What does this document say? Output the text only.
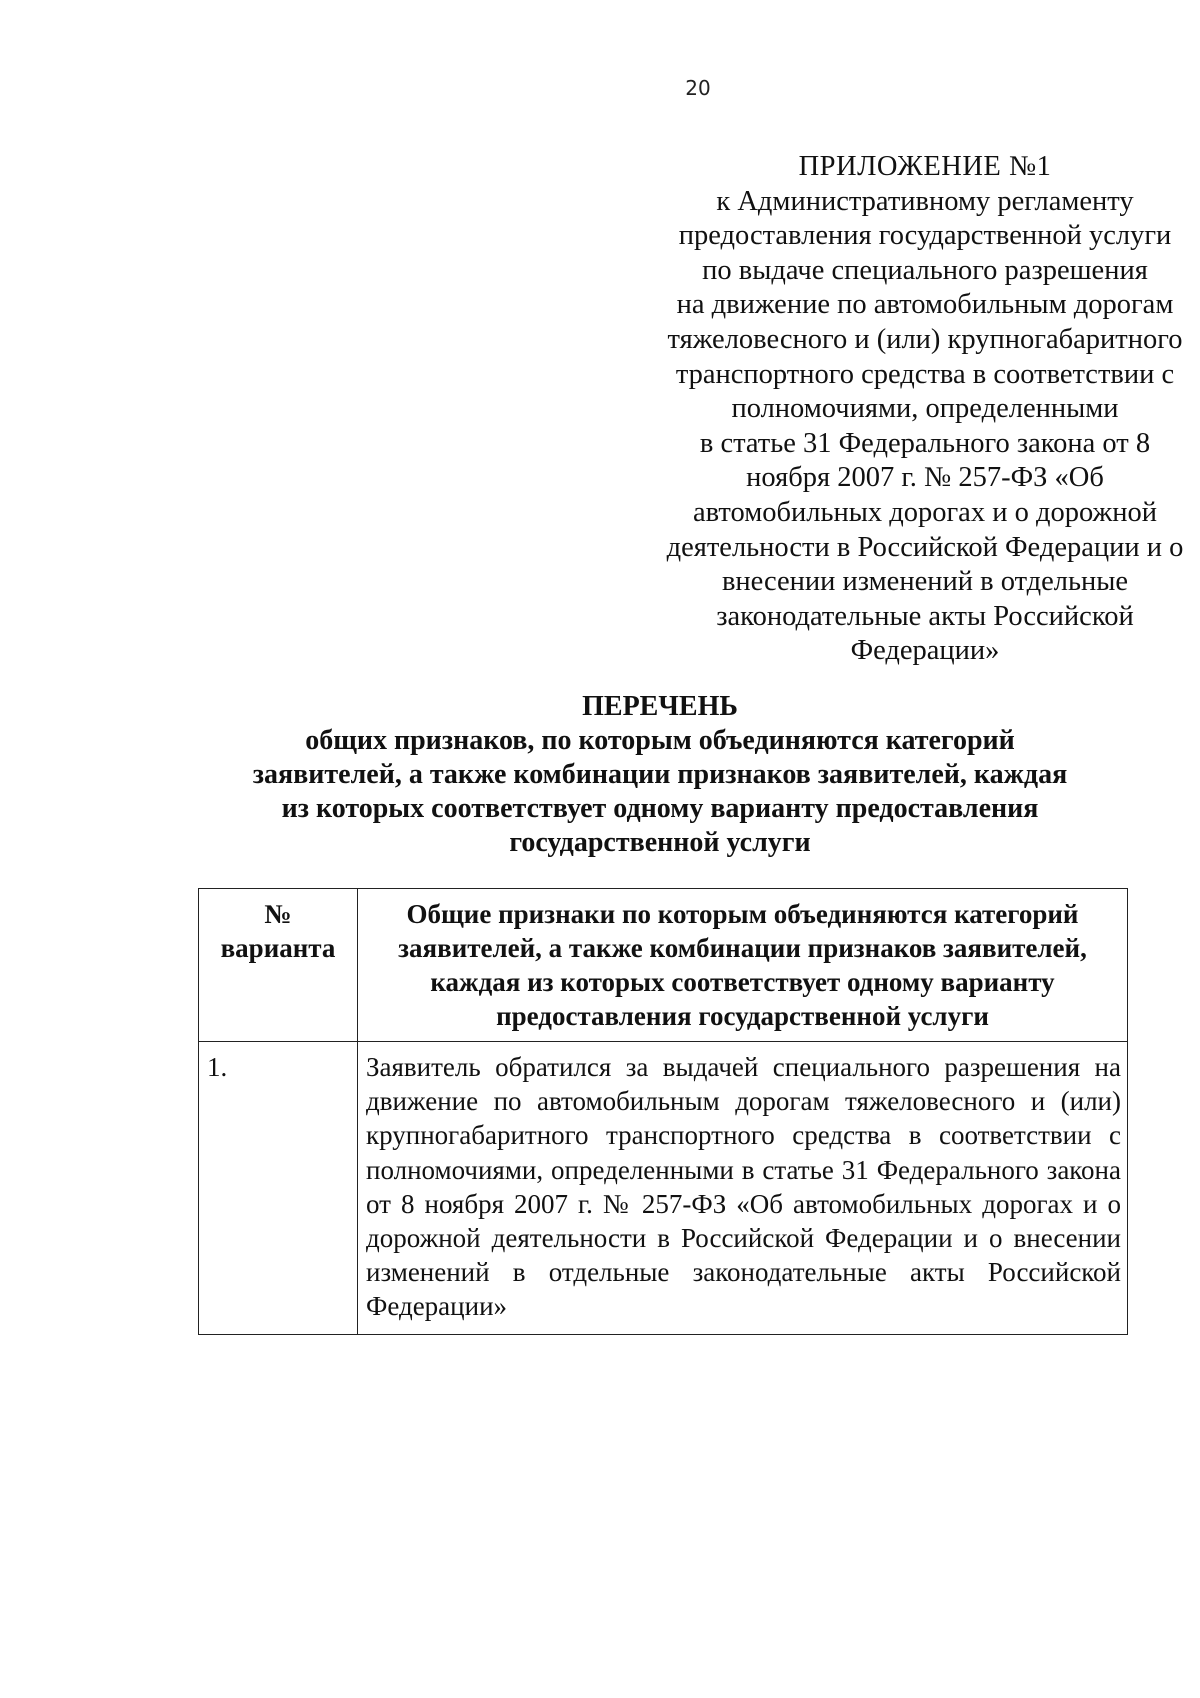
20
ПРИЛОЖЕНИЕ №1
к Административному регламенту
предоставления государственной услуги
по выдаче специального разрешения
на движение по автомобильным дорогам
тяжеловесного и (или) крупногабаритного
транспортного средства в соответствии с
полномочиями, определенными
в статье 31 Федерального закона от 8
ноября 2007 г. № 257-ФЗ «Об
автомобильных дорогах и о дорожной
деятельности в Российской Федерации и о
внесении изменений в отдельные
законодательные акты Российской
Федерации»
ПЕРЕЧЕНЬ
общих признаков, по которым объединяются категорий
заявителей, а также комбинации признаков заявителей, каждая
из которых соответствует одному варианту предоставления
государственной услуги
№ варианта	Общие признаки по которым объединяются категорий заявителей, а также комбинации признаков заявителей, каждая из которых соответствует одному варианту предоставления государственной услуги
1.	Заявитель обратился за выдачей специального разрешения на движение по автомобильным дорогам тяжеловесного и (или) крупногабаритного транспортного средства в соответствии с полномочиями, определенными в статье 31 Федерального закона от 8 ноября 2007 г. № 257-ФЗ «Об автомобильных дорогах и о дорожной деятельности в Российской Федерации и о внесении изменений в отдельные законодательные акты Российской Федерации»
